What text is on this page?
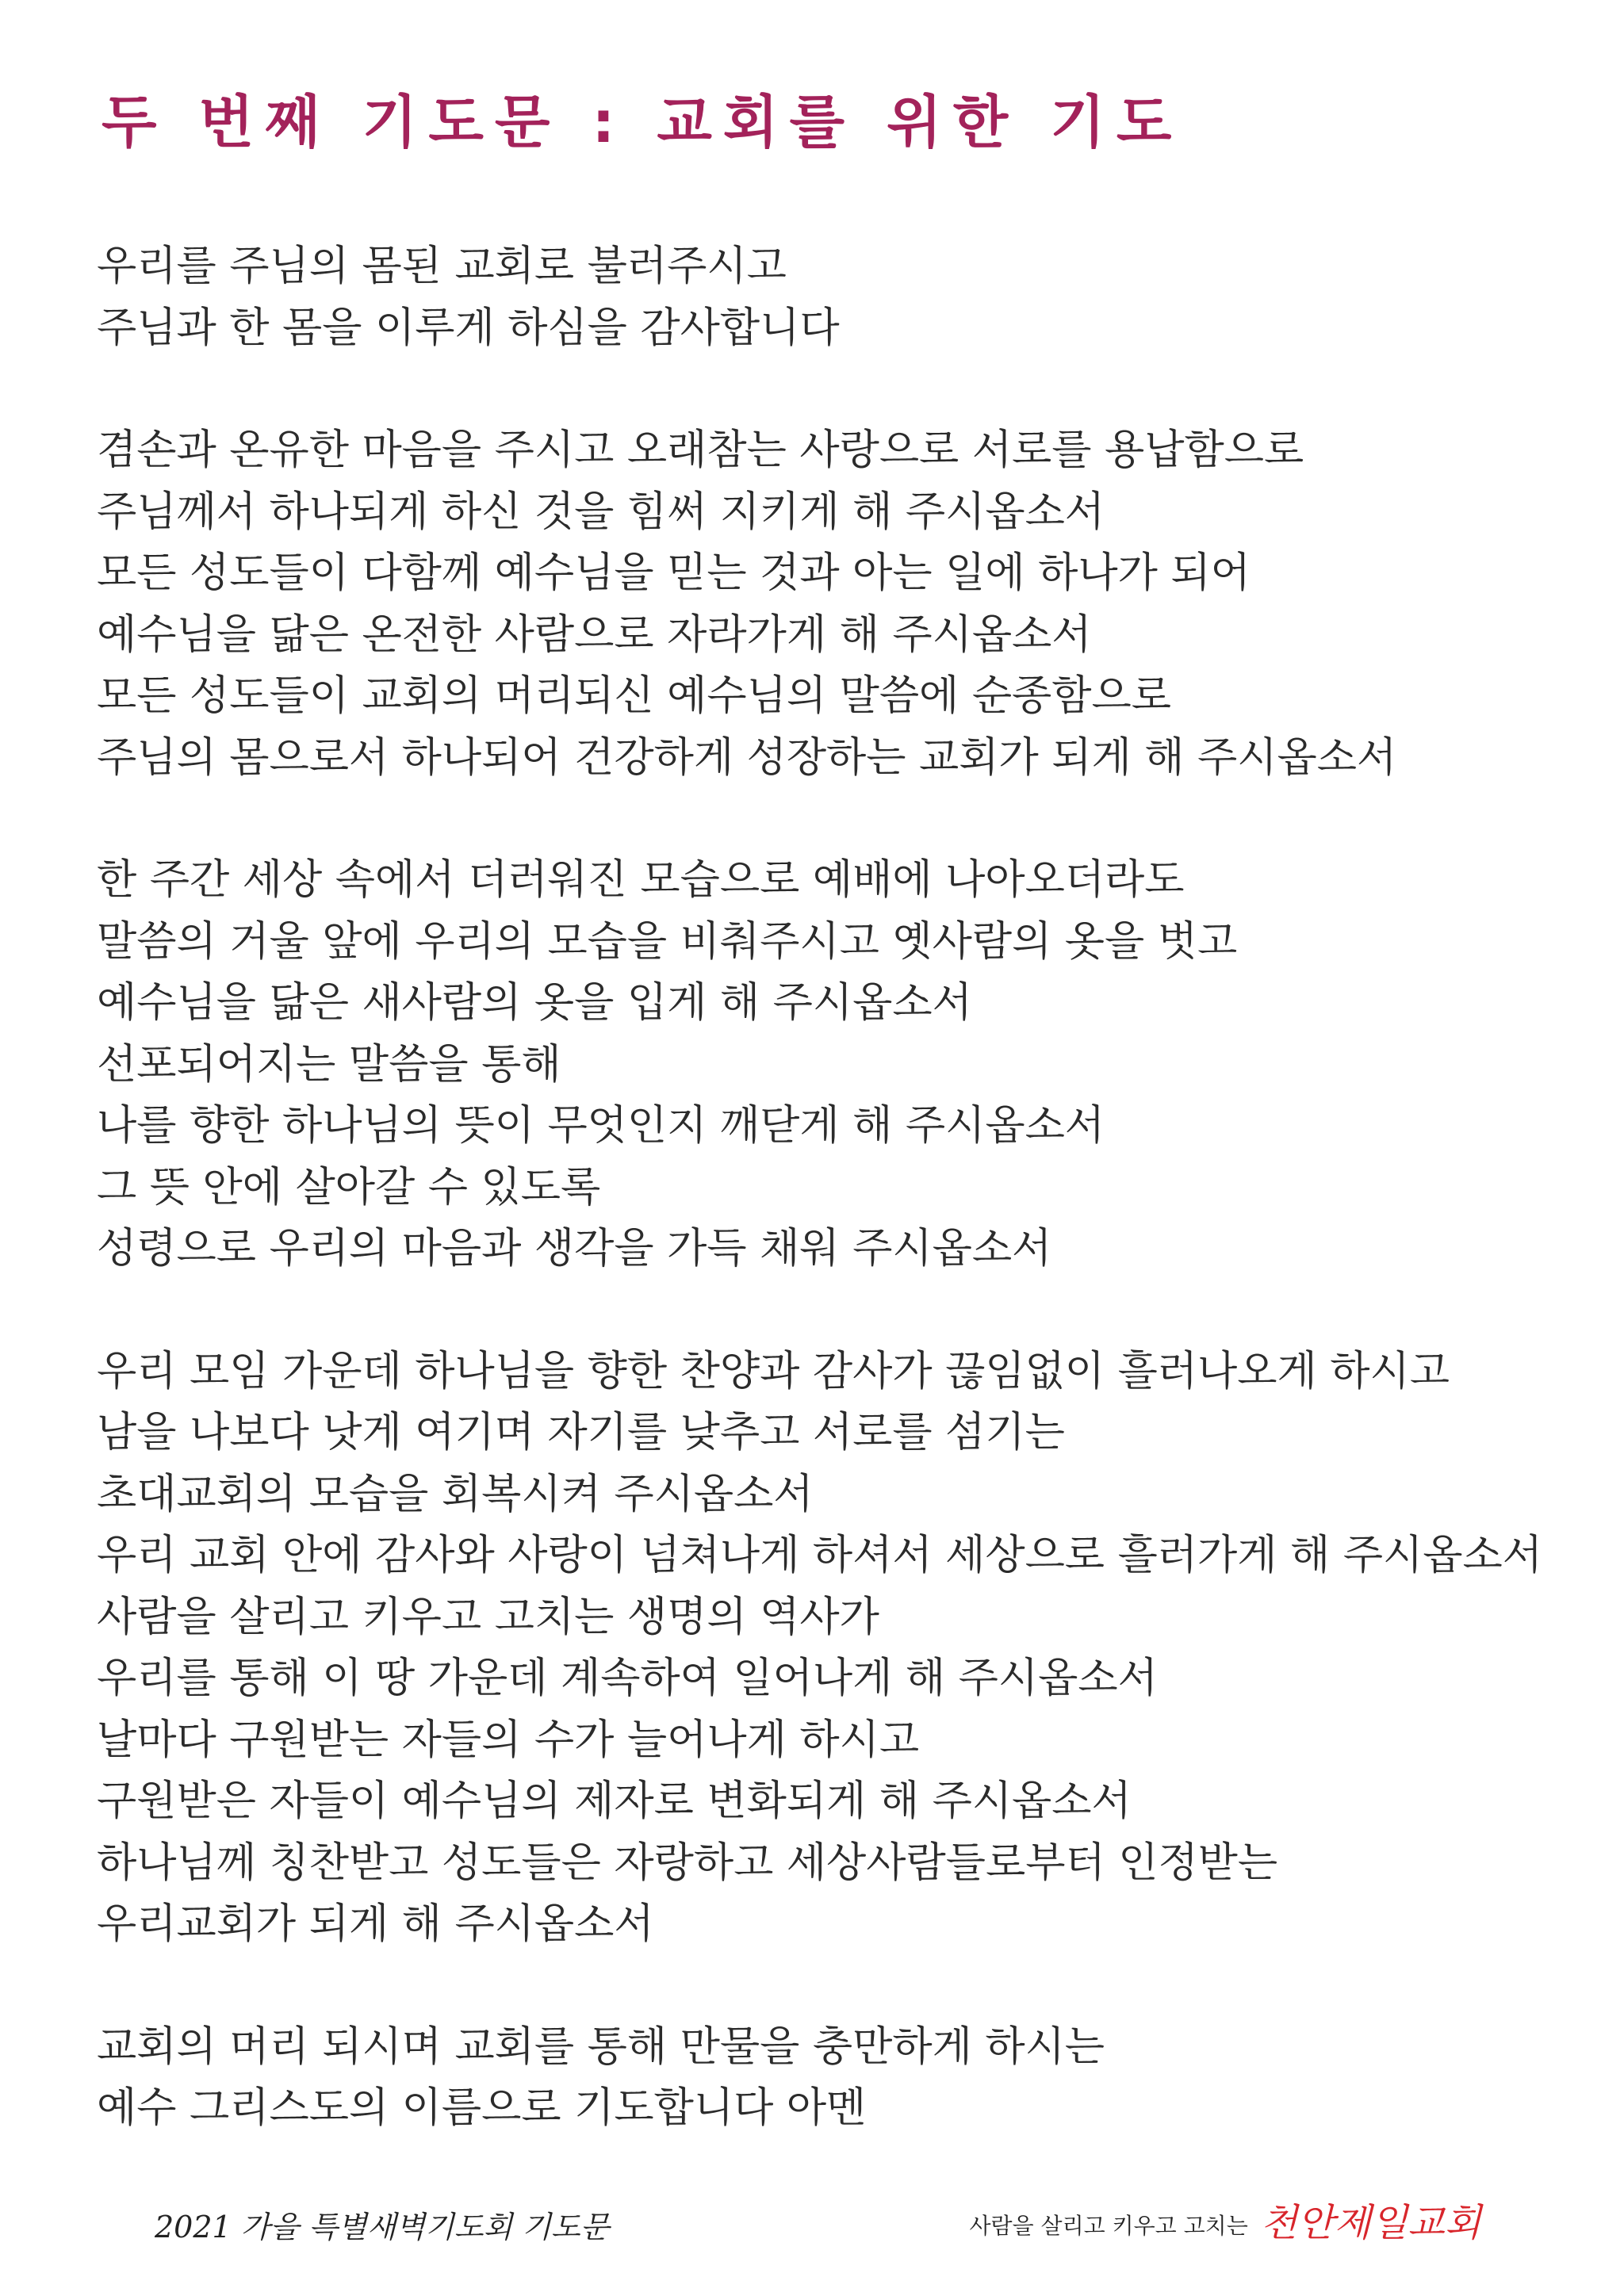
두 번째 기도문 : 교회를 위한 기도
우리를 주님의 몸된 교회로 불러주시고
주님과 한 몸을 이루게 하심을 감사합니다
겸손과 온유한 마음을 주시고 오래참는 사랑으로 서로를 용납함으로
주님께서 하나되게 하신 것을 힘써 지키게 해 주시옵소서
모든 성도들이 다함께 예수님을 믿는 것과 아는 일에 하나가 되어
예수님을 닮은 온전한 사람으로 자라가게 해 주시옵소서
모든 성도들이 교회의 머리되신 예수님의 말씀에 순종함으로
주님의 몸으로서 하나되어 건강하게 성장하는 교회가 되게 해 주시옵소서
한 주간 세상 속에서 더러워진 모습으로 예배에 나아오더라도
말씀의 거울 앞에 우리의 모습을 비춰주시고 옛사람의 옷을 벗고
예수님을 닮은 새사람의 옷을 입게 해 주시옵소서
선포되어지는 말씀을 통해
나를 향한 하나님의 뜻이 무엇인지 깨닫게 해 주시옵소서
그 뜻 안에 살아갈 수 있도록
성령으로 우리의 마음과 생각을 가득 채워 주시옵소서
우리 모임 가운데 하나님을 향한 찬양과 감사가 끊임없이 흘러나오게 하시고
남을 나보다 낫게 여기며 자기를 낮추고 서로를 섬기는
초대교회의 모습을 회복시켜 주시옵소서
우리 교회 안에 감사와 사랑이 넘쳐나게 하셔서 세상으로 흘러가게 해 주시옵소서
사람을 살리고 키우고 고치는 생명의 역사가
우리를 통해 이 땅 가운데 계속하여 일어나게 해 주시옵소서
날마다 구원받는 자들의 수가 늘어나게 하시고
구원받은 자들이 예수님의 제자로 변화되게 해 주시옵소서
하나님께 칭찬받고 성도들은 자랑하고 세상사람들로부터 인정받는
우리교회가 되게 해 주시옵소서
교회의 머리 되시며 교회를 통해 만물을 충만하게 하시는
예수 그리스도의 이름으로 기도합니다 아멘
2021 가을 특별새벽기도회 기도문	사람을 살리고 키우고 고치는 천안제일교회
